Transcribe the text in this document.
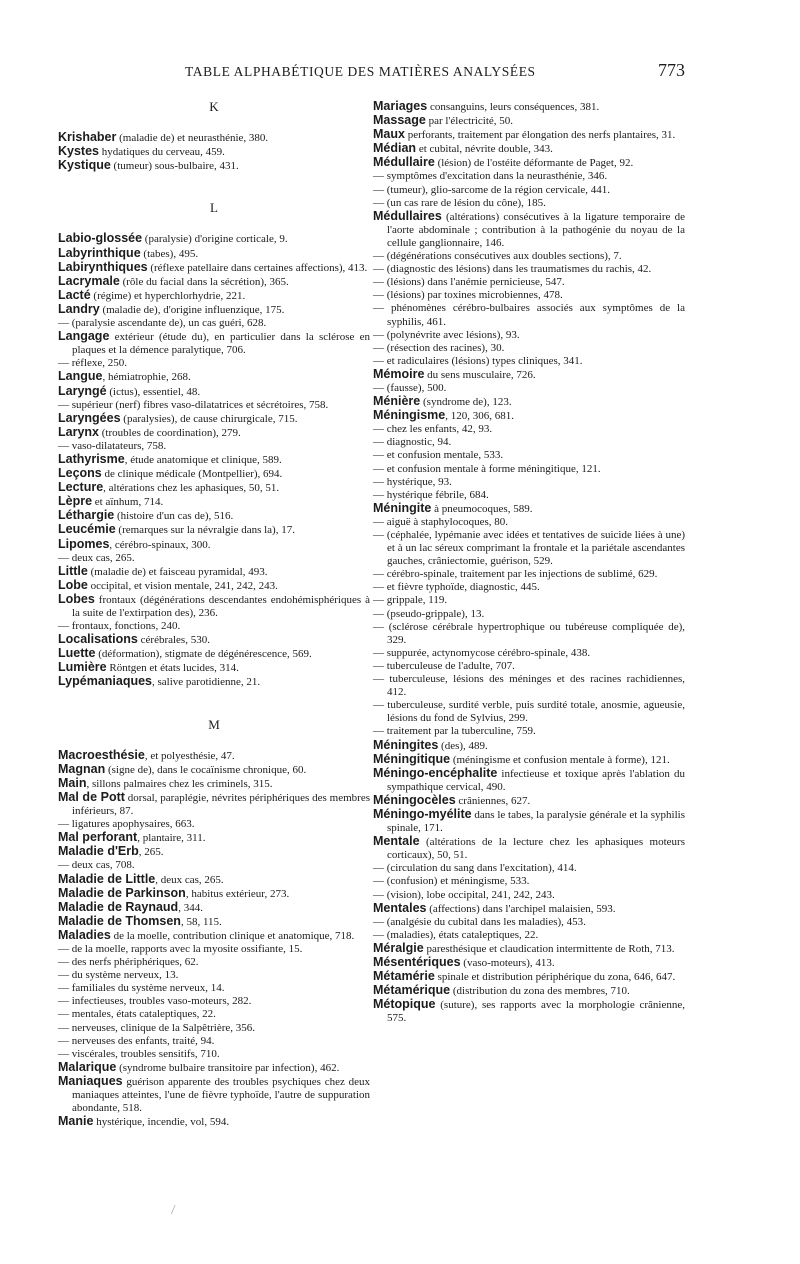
TABLE ALPHABÉTIQUE DES MATIÈRES ANALYSÉES	773
K

Krishaber (maladie de) et neurasthénie, 380.

Kystes hydatiques du cerveau, 459.

Kystique (tumeur) sous-bulbaire, 431.

L

Labio-glossée (paralysie) d'origine corticale, 9.

Labyrinthique (tabes), 495.

Labirynthiques (réflexe patellaire dans certaines affections), 413.

Lacrymale (rôle du facial dans la sécrétion), 365.

Lacté (régime) et hyperchlorhydrie, 221.

Landry (maladie de), d'origine influenzique, 175.

— (paralysie ascendante de), un cas guéri, 628.

Langage extérieur (étude du), en particulier dans la sclérose en plaques et la démence paralytique, 706.

— réflexe, 250.

Langue, hémiatrophie, 268.

Laryngé (ictus), essentiel, 48.

— supérieur (nerf) fibres vaso-dilatatrices et sécrétoires, 758.

Laryngées (paralysies), de cause chirurgicale, 715.

Larynx (troubles de coordination), 279.

— vaso-dilatateurs, 758.

Lathyrisme, étude anatomique et clinique, 589.

Leçons de clinique médicale (Montpellier), 694.

Lecture, altérations chez les aphasiques, 50, 51.

Lèpre et aïnhum, 714.

Léthargie (histoire d'un cas de), 516.

Leucémie (remarques sur la névralgie dans la), 17.

Lipomes, cérébro-spinaux, 300.

— deux cas, 265.

Little (maladie de) et faisceau pyramidal, 493.

Lobe occipital, et vision mentale, 241, 242, 243.

Lobes frontaux (dégénérations descendantes endohémisphériques à la suite de l'extirpation des), 236.

— frontaux, fonctions, 240.

Localisations cérébrales, 530.

Luette (déformation), stigmate de dégénérescence, 569.

Lumière Röntgen et états lucides, 314.

Lypémaniaques, salive parotidienne, 21.

M

Macroesthésie, et polyesthésie, 47.

Magnan (signe de), dans le cocaïnisme chronique, 60.

Main, sillons palmaires chez les criminels, 315.

Mal de Pott dorsal, paraplégie, névrites périphériques des membres inférieurs, 87.

— ligatures apophysaires, 663.

Mal perforant, plantaire, 311.

Maladie d'Erb, 265.

— deux cas, 708.

Maladie de Little, deux cas, 265.

Maladie de Parkinson, habitus extérieur, 273.

Maladie de Raynaud, 344.

Maladie de Thomsen, 58, 115.

Maladies de la moelle, contribution clinique et anatomique, 718.

— de la moelle, rapports avec la myosite ossifiante, 15.

— des nerfs phériphériques, 62.

— du système nerveux, 13.

— familiales du système nerveux, 14.

— infectieuses, troubles vaso-moteurs, 282.

— mentales, états cataleptiques, 22.

— nerveuses, clinique de la Salpêtrière, 356.

— nerveuses des enfants, traité, 94.

— viscérales, troubles sensitifs, 710.

Malarique (syndrome bulbaire transitoire par infection), 462.

Maniaques guérison apparente des troubles psychiques chez deux maniaques atteintes, l'une de fièvre typhoïde, l'autre de suppuration abondante, 518.

Manie hystérique, incendie, vol, 594.

Mariages consanguins, leurs conséquences, 381.

Massage par l'électricité, 50.

Maux perforants, traitement par élongation des nerfs plantaires, 31.

Médian et cubital, névrite double, 343.

Médullaire (lésion) de l'ostéite déformante de Paget, 92.

— symptômes d'excitation dans la neurasthénie, 346.

— (tumeur), glio-sarcome de la région cervicale, 441.

— (un cas rare de lésion du cône), 185.

Médullaires (altérations) consécutives à la ligature temporaire de l'aorte abdominale ; contribution à la pathogénie du noyau de la cellule ganglionnaire, 146.

— (dégénérations consécutives aux doubles sections), 7.

— (diagnostic des lésions) dans les traumatismes du rachis, 42.

— (lésions) dans l'anémie pernicieuse, 547.

— (lésions) par toxines microbiennes, 478.

— phénomènes cérébro-bulbaires associés aux symptômes de la syphilis, 461.

— (polynévrite avec lésions), 93.

— (résection des racines), 30.

— et radiculaires (lésions) types cliniques, 341.

Mémoire du sens musculaire, 726.

— (fausse), 500.

Ménière (syndrome de), 123.

Méningisme, 120, 306, 681.

— chez les enfants, 42, 93.

— diagnostic, 94.

— et confusion mentale, 533.

— et confusion mentale à forme méningitique, 121.

— hystérique, 93.

— hystérique fébrile, 684.

Méningite à pneumocoques, 589.

— aiguë à staphylocoques, 80.

— (céphalée, lypémanie avec idées et tentatives de suicide liées à une) et à un lac séreux comprimant la frontale et la pariétale ascendantes gauches, crâniectomie, guérison, 529.

— cérébro-spinale, traitement par les injections de sublimé, 629.

— et fièvre typhoïde, diagnostic, 445.

— grippale, 119.

— (pseudo-grippale), 13.

— (sclérose cérébrale hypertrophique ou tubéreuse compliquée de), 329.

— suppurée, actynomycose cérébro-spinale, 438.

— tuberculeuse de l'adulte, 707.

— tuberculeuse, lésions des méninges et des racines rachidiennes, 412.

— tuberculeuse, surdité verble, puis surdité totale, anosmie, agueusie, lésions du fond de Sylvius, 299.

— traitement par la tuberculine, 759.

Méningites (des), 489.

Méningitique (méningisme et confusion mentale à forme), 121.

Méningo-encéphalite infectieuse et toxique après l'ablation du sympathique cervical, 490.

Méningocèles crâniennes, 627.

Méningo-myélite dans le tabes, la paralysie générale et la syphilis spinale, 171.

Mentale (altérations de la lecture chez les aphasiques moteurs corticaux), 50, 51.

— (circulation du sang dans l'excitation), 414.

— (confusion) et méningisme, 533.

— (vision), lobe occipital, 241, 242, 243.

Mentales (affections) dans l'archipel malaisien, 593.

— (analgésie du cubital dans les maladies), 453.

— (maladies), états cataleptiques, 22.

Méralgie paresthésique et claudication intermittente de Roth, 713.

Mésentériques (vaso-moteurs), 413.

Métamérie spinale et distribution périphérique du zona, 646, 647.

Métamérique (distribution du zona des membres, 710.

Métopique (suture), ses rapports avec la morphologie crânienne, 575.

⟋
